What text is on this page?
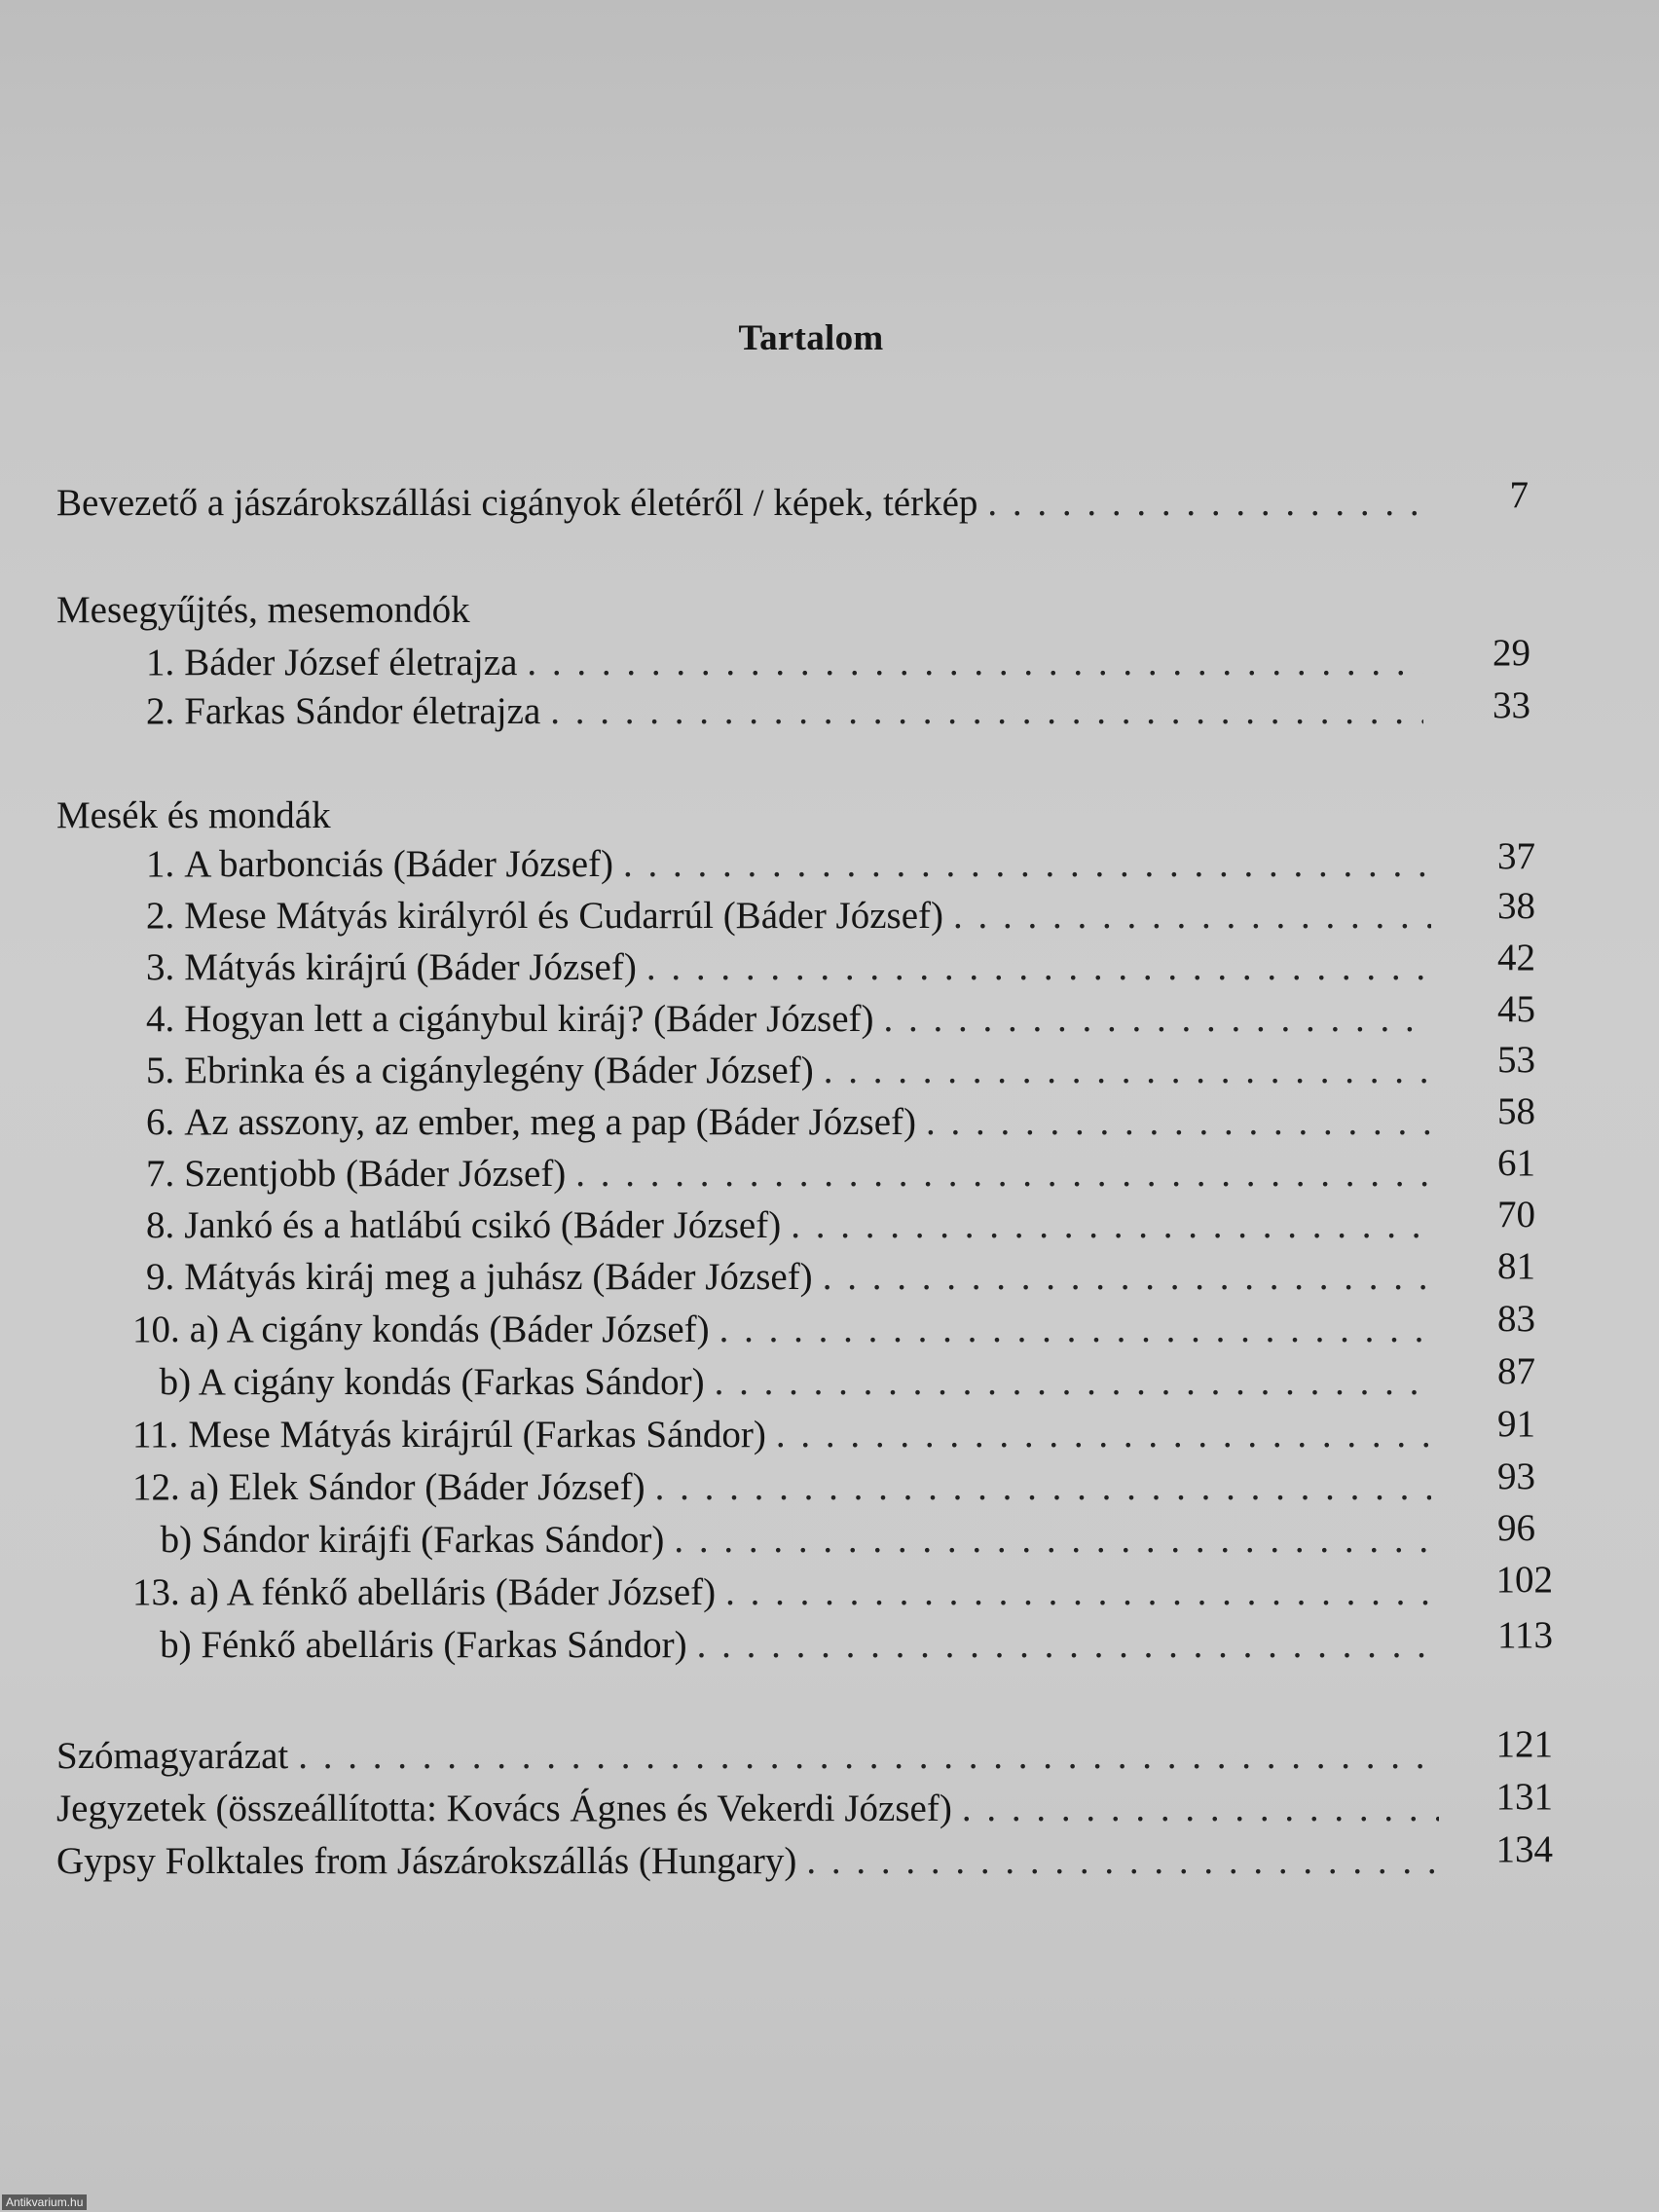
Tartalom
Bevezető a jászárokszállási cigányok életéről / képek, térkép . . .	7
Mesegyűjtés, mesemondók
1. Báder József életrajza . . .	29
2. Farkas Sándor életrajza . . .	33
Mesék és mondák
1. A barbonciás (Báder József) . . .	37
2. Mese Mátyás királyról és Cudarrúl (Báder József) . . .	38
3. Mátyás kirájrú (Báder József) . . .	42
4. Hogyan lett a cigánybul kiráj? (Báder József) . . .	45
5. Ebrinka és a cigánylegény (Báder József) . . .	53
6. Az asszony, az ember, meg a pap (Báder József) . . .	58
7. Szentjobb (Báder József) . . .	61
8. Jankó és a hatlábú csikó (Báder József) . . .	70
9. Mátyás kiráj meg a juhász (Báder József) . . .	81
10. a) A cigány kondás (Báder József) . . .	83
b) A cigány kondás (Farkas Sándor) . . .	87
11. Mese Mátyás kirájrúl (Farkas Sándor) . . .	91
12. a) Elek Sándor (Báder József) . . .	93
b) Sándor kirájfi (Farkas Sándor) . . .	96
13. a) A fénkő abelláris (Báder József) . . .	102
b) Fénkő abelláris (Farkas Sándor) . . .	113
Szómagyarázat . . .	121
Jegyzetek (összeállította: Kovács Ágnes és Vekerdi József) . . .	131
Gypsy Folktales from Jászárokszállás (Hungary) . . .	134
Antikvarium.hu
